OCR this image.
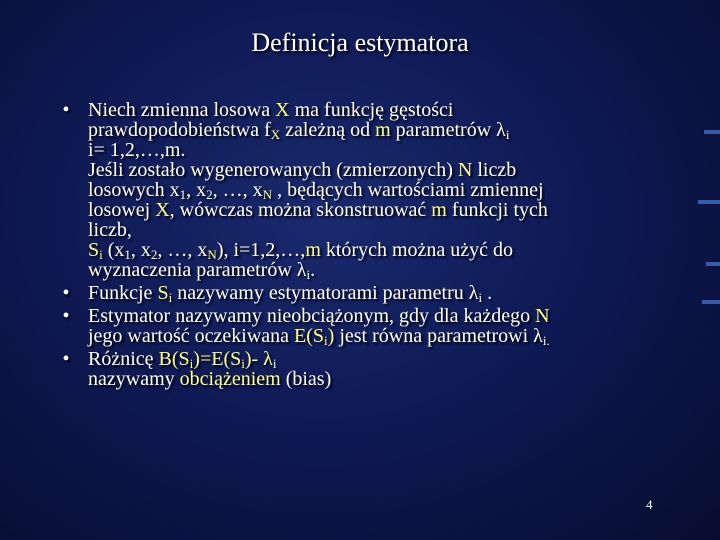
Definicja estymatora
• Niech zmienna losowa X ma funkcję gęstości
prawdopodobieństwa $f_X$ zależną od m parametrów $\lambda_i$
i= 1,2,…,m.
Jeśli zostało wygenerowanych (zmierzonych) N liczb
losowych $x_1$, $x_2$, …, $x_N$ , będących wartościami zmiennej
losowej X, wówczas można skonstruować m funkcji tych
liczb,
$S_i$ ($x_1$, $x_2$, …, $x_N$), i=1,2,…,m których można użyć do
wyznaczenia parametrów $\lambda_i$.
• Funkcje $S_i$ nazywamy estymatorami parametru $\lambda_i$ .
• Estymator nazywamy nieobciążonym, gdy dla każdego N
jego wartość oczekiwana $E(S_i)$ jest równa parametrowi $\lambda_{i.}$
• Różnicę $B(S_i)=E(S_i)-$ $\lambda_i$
nazywamy obciążeniem (bias)
4
